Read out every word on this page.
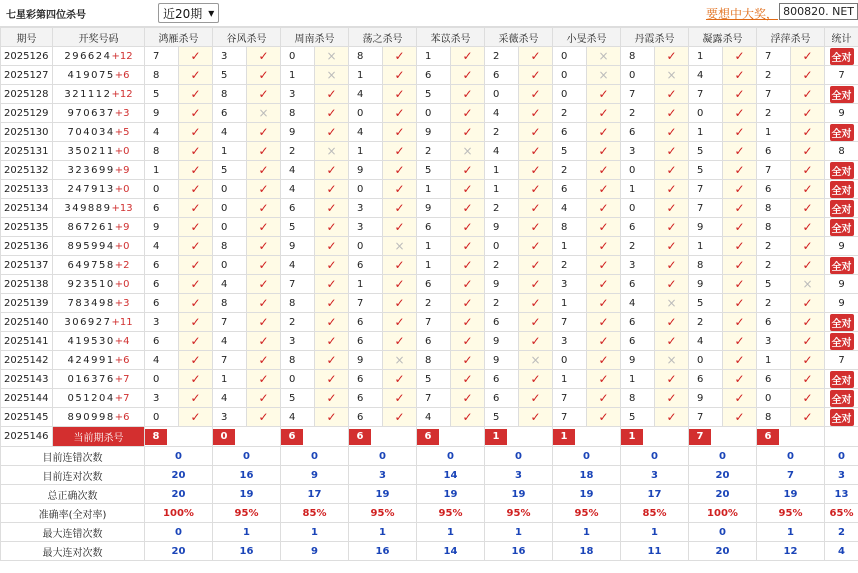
七星彩第四位杀号	近20期 ▾	要想中大奖， 800820. NET
期号	开奖号码	鸿雁杀号		谷风杀号		周南杀号		荡之杀号		苯苡杀号		采薇杀号		小旻杀号		丹霞杀号		凝露杀号		浮萍杀号		统计
2025126	296624+12	7	✓	3	✓	0	×	8	✓	1	✓	2	✓	0	×	8	✓	1	✓	7	✓	全对
2025127	419075+6	8	✓	5	✓	1	×	1	✓	6	✓	6	✓	0	×	0	×	4	✓	2	✓	7
2025128	321112+12	5	✓	8	✓	3	✓	4	✓	5	✓	0	✓	0	✓	7	✓	7	✓	7	✓	全对
2025129	970637+3	9	✓	6	×	8	✓	0	✓	0	✓	4	✓	2	✓	2	✓	0	✓	2	✓	9
2025130	704034+5	4	✓	4	✓	9	✓	4	✓	9	✓	2	✓	6	✓	6	✓	1	✓	1	✓	全对
2025131	350211+0	8	✓	1	✓	2	×	1	✓	2	×	4	✓	5	✓	3	✓	5	✓	6	✓	8
2025132	323699+9	1	✓	5	✓	4	✓	9	✓	5	✓	1	✓	2	✓	0	✓	5	✓	7	✓	全对
2025133	247913+0	0	✓	0	✓	4	✓	0	✓	1	✓	1	✓	6	✓	1	✓	7	✓	6	✓	全对
2025134	349889+13	6	✓	0	✓	6	✓	3	✓	9	✓	2	✓	4	✓	0	✓	7	✓	8	✓	全对
2025135	867261+9	9	✓	0	✓	5	✓	3	✓	6	✓	9	✓	8	✓	6	✓	9	✓	8	✓	全对
2025136	895994+0	4	✓	8	✓	9	✓	0	×	1	✓	0	✓	1	✓	2	✓	1	✓	2	✓	9
2025137	649758+2	6	✓	0	✓	4	✓	6	✓	1	✓	2	✓	2	✓	3	✓	8	✓	2	✓	全对
2025138	923510+0	6	✓	4	✓	7	✓	1	✓	6	✓	9	✓	3	✓	6	✓	9	✓	5	×	9
2025139	783498+3	6	✓	8	✓	8	✓	7	✓	2	✓	2	✓	1	✓	4	×	5	✓	2	✓	9
2025140	306927+11	3	✓	7	✓	2	✓	6	✓	7	✓	6	✓	7	✓	6	✓	2	✓	6	✓	全对
2025141	419530+4	6	✓	4	✓	3	✓	6	✓	6	✓	9	✓	3	✓	6	✓	4	✓	3	✓	全对
2025142	424991+6	4	✓	7	✓	8	✓	9	×	8	✓	9	×	0	✓	9	×	0	✓	1	✓	7
2025143	016376+7	0	✓	1	✓	0	✓	6	✓	5	✓	6	✓	1	✓	1	✓	6	✓	6	✓	全对
2025144	051204+7	3	✓	4	✓	5	✓	6	✓	7	✓	6	✓	7	✓	8	✓	9	✓	0	✓	全对
2025145	890998+6	0	✓	3	✓	4	✓	6	✓	4	✓	5	✓	7	✓	5	✓	7	✓	8	✓	全对
2025146	当前期杀号	8		0		6		6		6		1		1		1		7		6		
目前连错次数		0		0		0		0		0		0		0		0		0		0		0
目前连对次数		20		16		9		3		14		3		18		3		20		7		3
总正确次数		20		19		17		19		19		19		19		17		20		19		13
准确率(全对率)		100%		95%		85%		95%		95%		95%		95%		85%		100%		95%		65%
最大连错次数		0		1		1		1		1		1		1		1		0		1		2
最大连对次数		20		16		9		16		14		16		18		11		20		12		4
